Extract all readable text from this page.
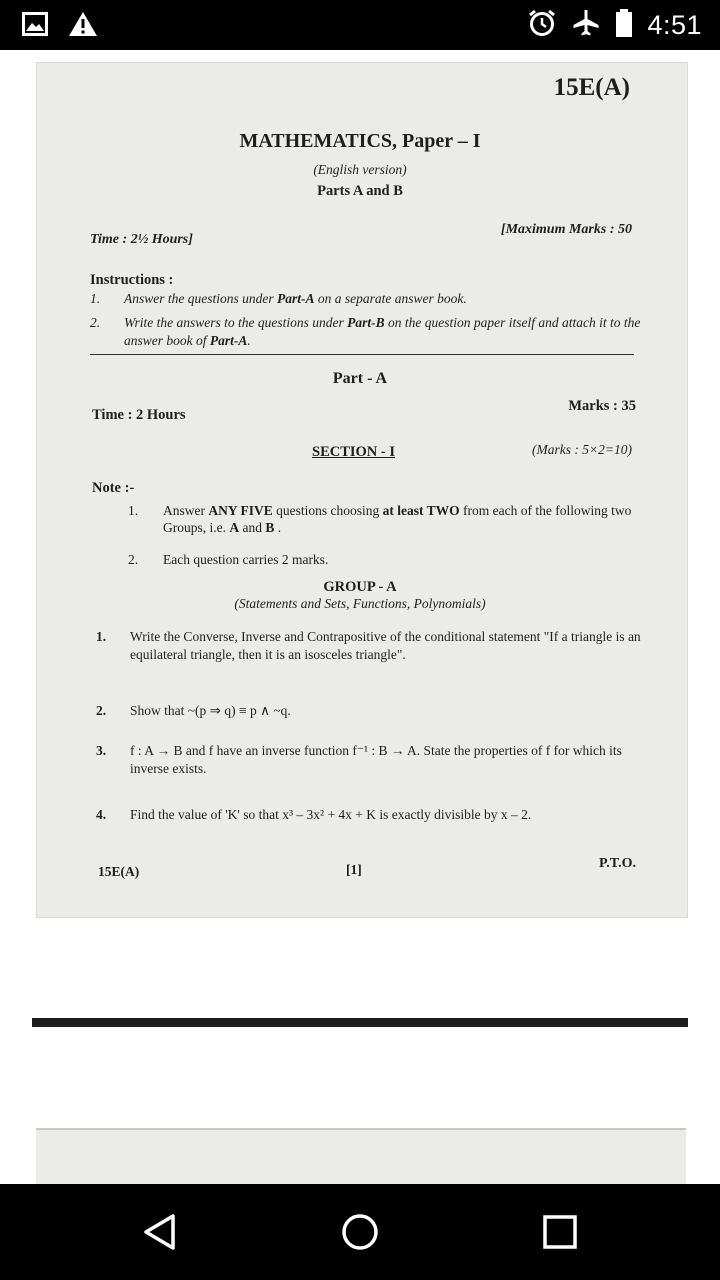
4:51
15E(A)
MATHEMATICS, Paper – I
(English version)
Parts A and B
Time : 2½ Hours]
[Maximum Marks : 50
Instructions :
1.	Answer the questions under Part-A on a separate answer book.
2.	Write the answers to the questions under Part-B on the question paper itself and attach it to the answer book of Part-A.
Part - A
Time : 2 Hours
Marks : 35
SECTION - I	(Marks : 5×2=10)
Note :-
1.	Answer ANY FIVE questions choosing at least TWO from each of the following two Groups, i.e. A and B .
2.	Each question carries 2 marks.
GROUP - A
(Statements and Sets, Functions, Polynomials)
1.	Write the Converse, Inverse and Contrapositive of the conditional statement "If a triangle is an equilateral triangle, then it is an isosceles triangle".
2.	Show that ~(p ⇒ q) ≡ p ∧ ~q.
3.	f : A → B and f have an inverse function f⁻¹ : B → A. State the properties of f for which its inverse exists.
4.	Find the value of 'K' so that x³ – 3x² + 4x + K is exactly divisible by x – 2.
15E(A)	[1]	P.T.O.
